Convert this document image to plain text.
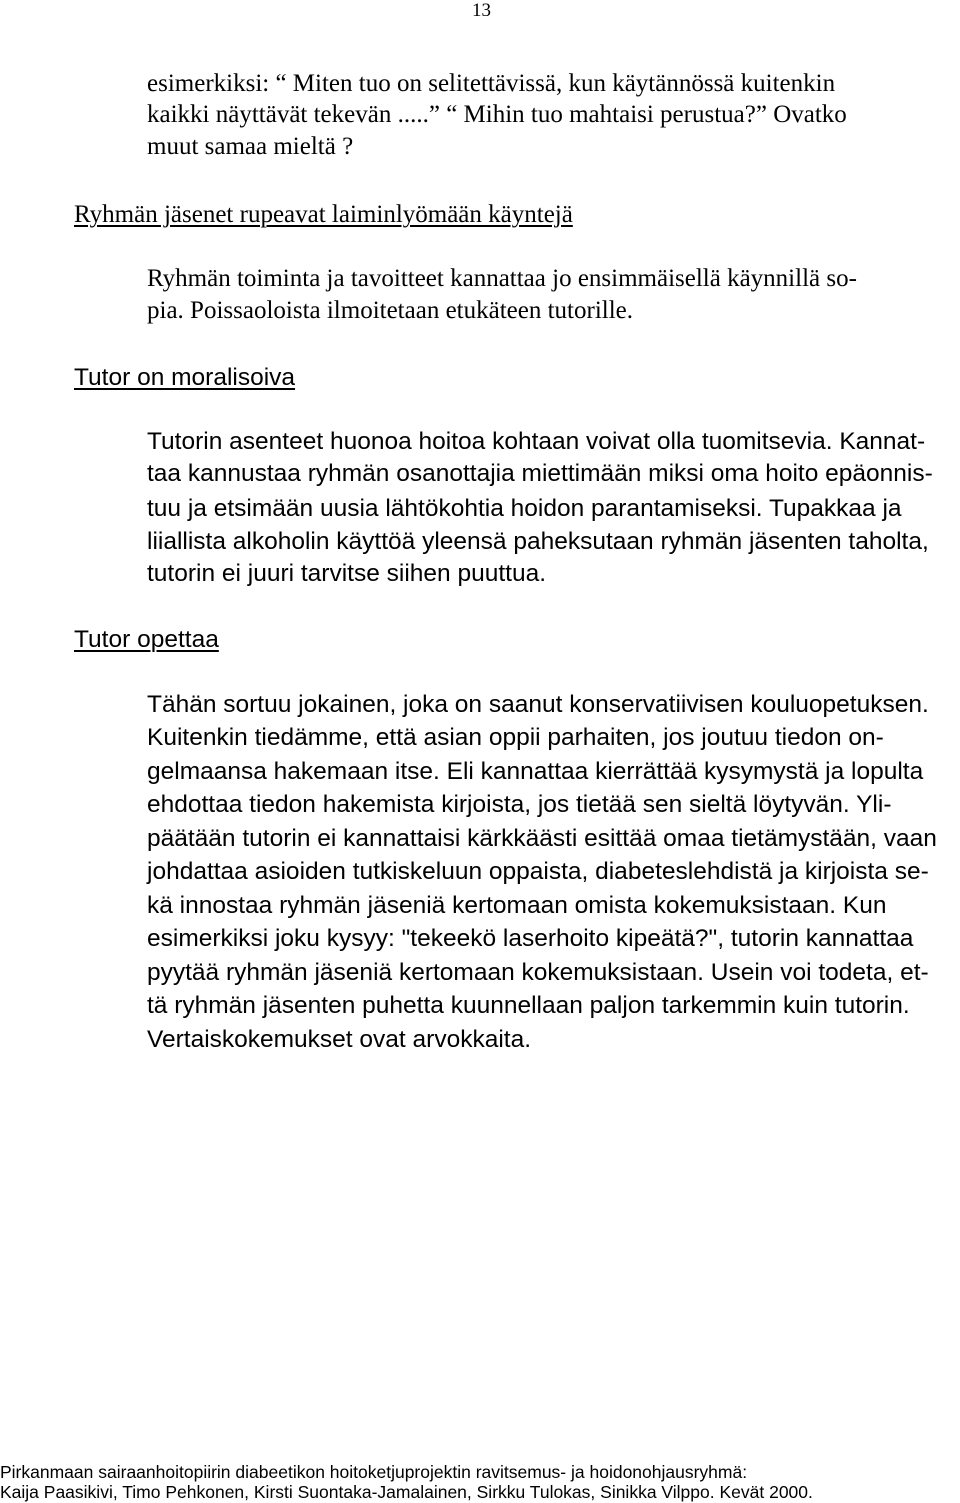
13
esimerkiksi: “ Miten tuo on selitettävissä, kun käytännössä kuitenkin
kaikki näyttävät tekevän .....” “ Mihin tuo mahtaisi perustua?” Ovatko
muut samaa mieltä ?
Ryhmän jäsenet rupeavat laiminlyömään käyntejä
Ryhmän toiminta ja tavoitteet kannattaa jo ensimmäisellä käynnillä so-
pia. Poissaoloista ilmoitetaan etukäteen tutorille.
Tutor on moralisoiva
Tutorin asenteet huonoa hoitoa kohtaan voivat olla tuomitsevia. Kannat-
taa kannustaa ryhmän osanottajia miettimään miksi oma hoito epäonnis-
tuu ja etsimään uusia lähtökohtia hoidon parantamiseksi. Tupakkaa ja
liiallista alkoholin käyttöä yleensä paheksutaan ryhmän jäsenten taholta,
tutorin ei juuri tarvitse siihen puuttua.
Tutor opettaa
Tähän sortuu jokainen, joka on saanut konservatiivisen kouluopetuksen.
Kuitenkin tiedämme, että asian oppii parhaiten, jos joutuu tiedon on-
gelmaansa hakemaan itse. Eli kannattaa kierrättää kysymystä ja lopulta
ehdottaa tiedon hakemista kirjoista, jos tietää sen sieltä löytyvän. Yli-
päätään tutorin ei kannattaisi kärkkäästi esittää omaa tietämystään, vaan
johdattaa asioiden tutkiskeluun oppaista, diabeteslehdistä ja kirjoista se-
kä innostaa ryhmän jäseniä kertomaan omista kokemuksistaan. Kun
esimerkiksi joku kysyy: "tekeekö laserhoito kipeätä?", tutorin kannattaa
pyytää ryhmän jäseniä kertomaan kokemuksistaan. Usein voi todeta, et-
tä ryhmän jäsenten puhetta kuunnellaan paljon tarkemmin kuin tutorin.
Vertaiskokemukset ovat arvokkaita.
Pirkanmaan sairaanhoitopiirin diabeetikon hoitoketjuprojektin ravitsemus- ja hoidonohjausryhmä:
Kaija Paasikivi, Timo Pehkonen, Kirsti Suontaka-Jamalainen, Sirkku Tulokas, Sinikka Vilppo. Kevät 2000.
